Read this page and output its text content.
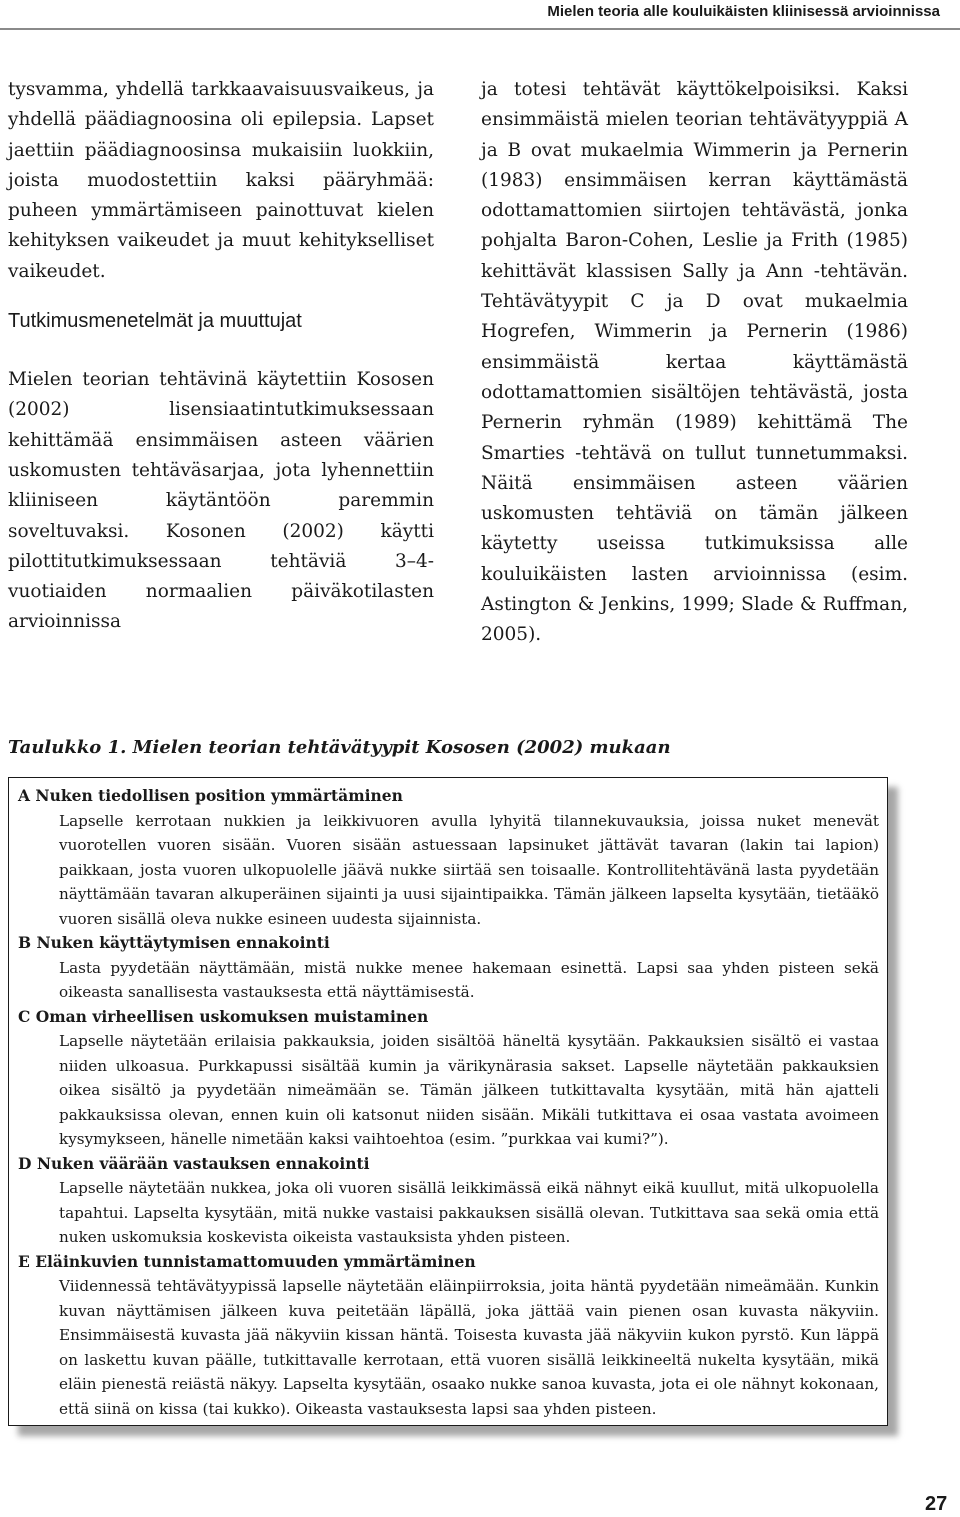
Mielen teoria alle kouluikäisten kliinisessä arvioinnissa

tysvamma, yhdellä tarkkaavaisuusvaikeus, ja yhdellä päädiagnoosina oli epilepsia. Lapset jaettiin päädiagnoosinsa mukaisiin luokkiin, joista muodostettiin kaksi pääryhmää: puheen ymmärtämiseen painottuvat kielen kehityksen vaikeudet ja muut kehitykselliset vaikeudet.

Tutkimusmenetelmät ja muuttujat

Mielen teorian tehtävinä käytettiin Kososen (2002) lisensiaatintutkimuksessaan kehittämää ensimmäisen asteen väärien uskomusten tehtäväsarjaa, jota lyhennettiin kliiniseen käytäntöön paremmin soveltuvaksi. Kosonen (2002) käytti pilottitutkimuksessaan tehtäviä 3–4-vuotiaiden normaalien päiväkotilasten arvioinnissa

ja totesi tehtävät käyttökelpoisiksi. Kaksi ensimmäistä mielen teorian tehtävätyyppiä A ja B ovat mukaelmia Wimmerin ja Pernerin (1983) ensimmäisen kerran käyttämästä odottamattomien siirtojen tehtävästä, jonka pohjalta Baron-Cohen, Leslie ja Frith (1985) kehittävät klassisen Sally ja Ann -tehtävän. Tehtävätyypit C ja D ovat mukaelmia Hogrefen, Wimmerin ja Pernerin (1986) ensimmäistä kertaa käyttämästä odottamattomien sisältöjen tehtävästä, josta Pernerin ryhmän (1989) kehittämä The Smarties -tehtävä on tullut tunnetummaksi. Näitä ensimmäisen asteen väärien uskomusten tehtäviä on tämän jälkeen käytetty useissa tutkimuksissa alle kouluikäisten lasten arvioinnissa (esim. Astington & Jenkins, 1999; Slade & Ruffman, 2005).

Taulukko 1. Mielen teorian tehtävätyypit Kososen (2002) mukaan

A Nuken tiedollisen position ymmärtäminen

Lapselle kerrotaan nukkien ja leikkivuoren avulla lyhyitä tilannekuvauksia, joissa nuket menevät vuorotellen vuoren sisään. Vuoren sisään astuessaan lapsinuket jättävät tavaran (lakin tai lapion) paikkaan, josta vuoren ulkopuolelle jäävä nukke siirtää sen toisaalle. Kontrollitehtävänä lasta pyydetään näyttämään tavaran alkuperäinen sijainti ja uusi sijaintipaikka. Tämän jälkeen lapselta kysytään, tietääkö vuoren sisällä oleva nukke esineen uudesta sijainnista.

B Nuken käyttäytymisen ennakointi

Lasta pyydetään näyttämään, mistä nukke menee hakemaan esinettä. Lapsi saa yhden pisteen sekä oikeasta sanallisesta vastauksesta että näyttämisestä.

C Oman virheellisen uskomuksen muistaminen

Lapselle näytetään erilaisia pakkauksia, joiden sisältöä häneltä kysytään. Pakkauksien sisältö ei vastaa niiden ulkoasua. Purkkapussi sisältää kumin ja värikynärasia sakset. Lapselle näytetään pakkauksien oikea sisältö ja pyydetään nimeämään se. Tämän jälkeen tutkittavalta kysytään, mitä hän ajatteli pakkauksissa olevan, ennen kuin oli katsonut niiden sisään. Mikäli tutkittava ei osaa vastata avoimeen kysymykseen, hänelle nimetään kaksi vaihtoehtoa (esim. ”purkkaa vai kumi?”).

D Nuken väärään vastauksen ennakointi

Lapselle näytetään nukkea, joka oli vuoren sisällä leikkimässä eikä nähnyt eikä kuullut, mitä ulkopuolella tapahtui. Lapselta kysytään, mitä nukke vastaisi pakkauksen sisällä olevan. Tutkittava saa sekä omia että nuken uskomuksia koskevista oikeista vastauksista yhden pisteen.

E Eläinkuvien tunnistamattomuuden ymmärtäminen

Viidennessä tehtävätyypissä lapselle näytetään eläinpiirroksia, joita häntä pyydetään nimeämään. Kunkin kuvan näyttämisen jälkeen kuva peitetään läpällä, joka jättää vain pienen osan kuvasta näkyviin. Ensimmäisestä kuvasta jää näkyviin kissan häntä. Toisesta kuvasta jää näkyviin kukon pyrstö. Kun läppä on laskettu kuvan päälle, tutkittavalle kerrotaan, että vuoren sisällä leikkineeltä nukelta kysytään, mikä eläin pienestä reiästä näkyy. Lapselta kysytään, osaako nukke sanoa kuvasta, jota ei ole nähnyt kokonaan, että siinä on kissa (tai kukko). Oikeasta vastauksesta lapsi saa yhden pisteen.

27
